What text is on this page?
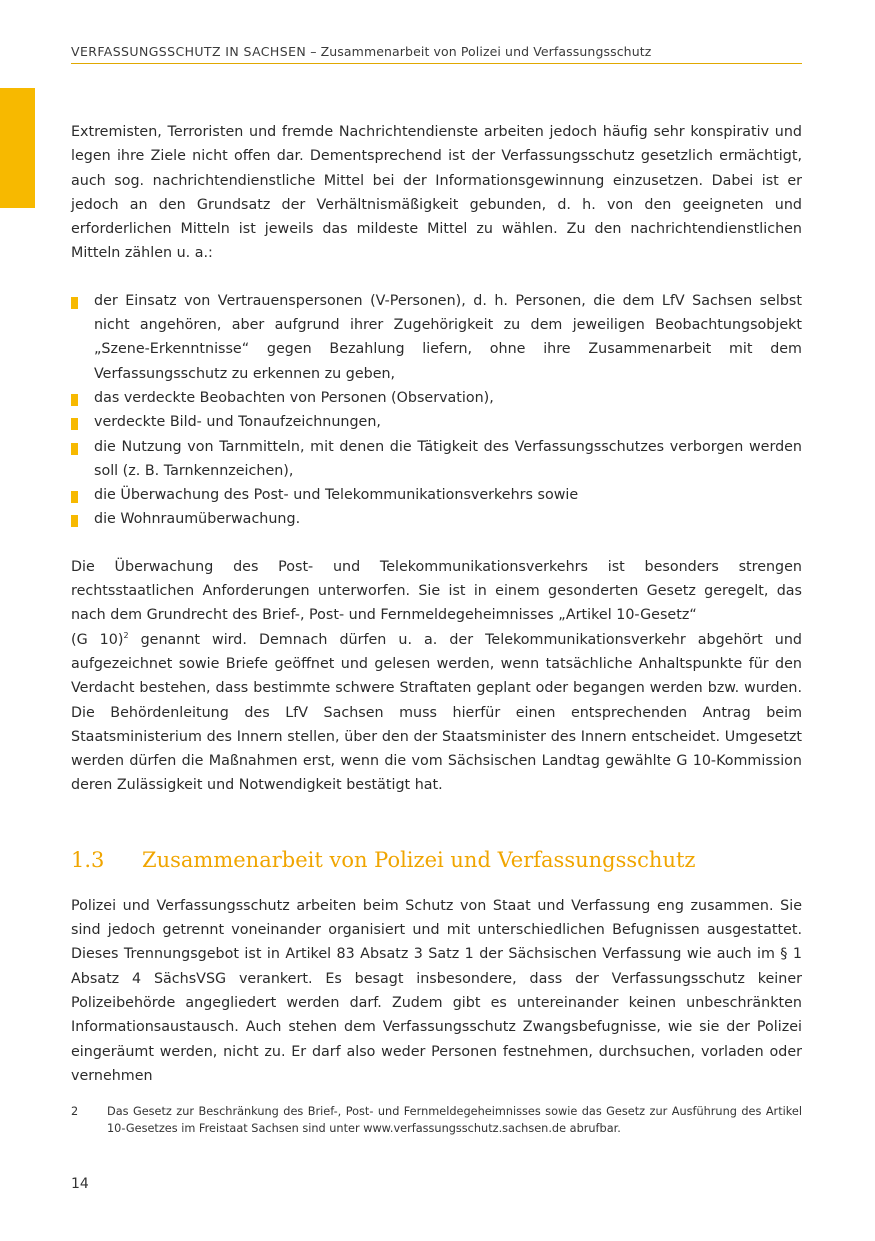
VERFASSUNGSSCHUTZ IN SACHSEN – Zusammenarbeit von Polizei und Verfassungsschutz

Extremisten, Terroristen und fremde Nachrichtendienste arbeiten jedoch häufig sehr konspirativ und legen ihre Ziele nicht offen dar. Dementsprechend ist der Verfassungsschutz gesetzlich ermächtigt, auch sog. nachrichtendienstliche Mittel bei der Informationsgewinnung einzusetzen. Dabei ist er jedoch an den Grundsatz der Verhältnismäßigkeit gebunden, d. h. von den geeigneten und erforderlichen Mitteln ist jeweils das mildeste Mittel zu wählen. Zu den nachrichtendienstlichen Mitteln zählen u. a.:

der Einsatz von Vertrauenspersonen (V-Personen), d. h. Personen, die dem LfV Sachsen selbst nicht angehören, aber aufgrund ihrer Zugehörigkeit zu dem jeweiligen Beobachtungsobjekt „Szene-Erkenntnisse“ gegen Bezahlung liefern, ohne ihre Zusammenarbeit mit dem Verfassungsschutz zu erkennen zu geben,
das verdeckte Beobachten von Personen (Observation),
verdeckte Bild- und Tonaufzeichnungen,
die Nutzung von Tarnmitteln, mit denen die Tätigkeit des Verfassungsschutzes verborgen werden soll (z. B. Tarnkennzeichen),
die Überwachung des Post- und Telekommunikationsverkehrs sowie
die Wohnraumüberwachung.

Die Überwachung des Post- und Telekommunikationsverkehrs ist besonders strengen rechtsstaatlichen Anforderungen unterworfen. Sie ist in einem gesonderten Gesetz geregelt, das nach dem Grundrecht des Brief-, Post- und Fernmeldegeheimnisses „Artikel 10-Gesetz“
(G 10)$^2$ genannt wird. Demnach dürfen u. a. der Telekommunikationsverkehr abgehört und aufgezeichnet sowie Briefe geöffnet und gelesen werden, wenn tatsächliche Anhaltspunkte für den Verdacht bestehen, dass bestimmte schwere Straftaten geplant oder begangen werden bzw. wurden. Die Behördenleitung des LfV Sachsen muss hierfür einen entsprechenden Antrag beim Staatsministerium des Innern stellen, über den der Staatsminister des Innern entscheidet. Umgesetzt werden dürfen die Maßnahmen erst, wenn die vom Sächsischen Landtag gewählte G 10-Kommission deren Zulässigkeit und Notwendigkeit bestätigt hat.

1.3 Zusammenarbeit von Polizei und Verfassungsschutz

Polizei und Verfassungsschutz arbeiten beim Schutz von Staat und Verfassung eng zusammen. Sie sind jedoch getrennt voneinander organisiert und mit unterschiedlichen Befugnissen ausgestattet. Dieses Trennungsgebot ist in Artikel 83 Absatz 3 Satz 1 der Sächsischen Verfassung wie auch im § 1 Absatz 4 SächsVSG verankert. Es besagt insbesondere, dass der Verfassungsschutz keiner Polizeibehörde angegliedert werden darf. Zudem gibt es untereinander keinen unbeschränkten Informationsaustausch. Auch stehen dem Verfassungsschutz Zwangsbefugnisse, wie sie der Polizei eingeräumt werden, nicht zu. Er darf also weder Personen festnehmen, durchsuchen, vorladen oder vernehmen

2	Das Gesetz zur Beschränkung des Brief-, Post- und Fernmeldegeheimnisses sowie das Gesetz zur Ausführung des Artikel 10-Gesetzes im Freistaat Sachsen sind unter www.verfassungsschutz.sachsen.de abrufbar.
14
